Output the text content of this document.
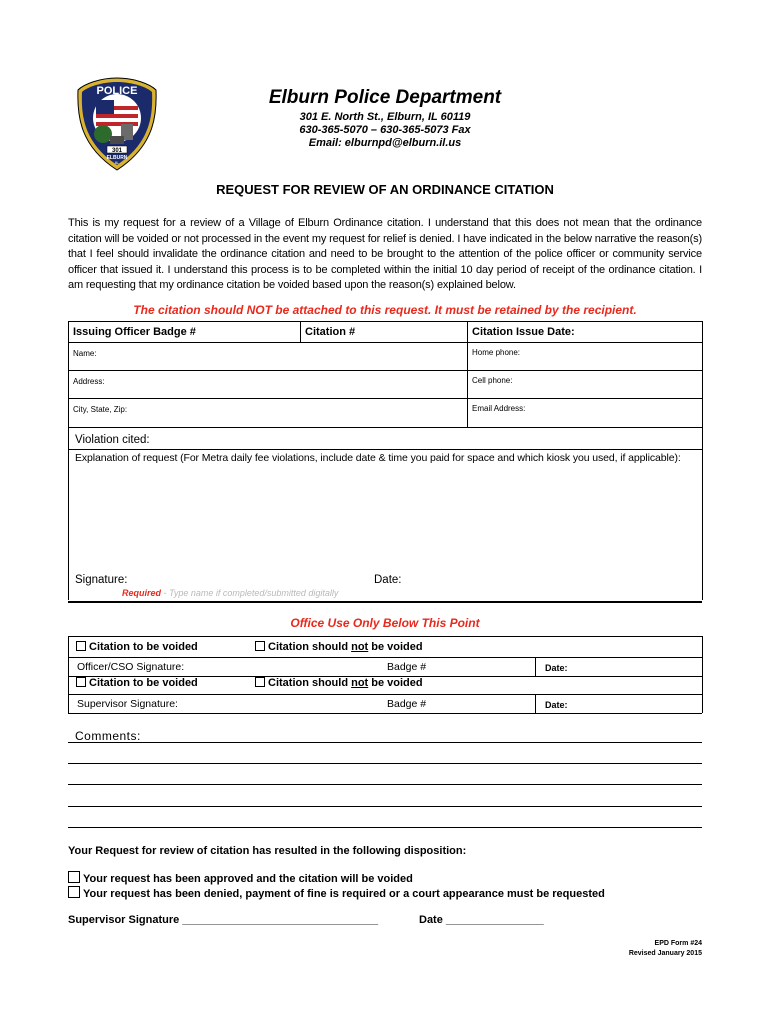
POLICE
301
ELBURN
IL
Elburn Police Department
301 E. North St., Elburn, IL 60119
630-365-5070 – 630-365-5073 Fax
Email: elburnpd@elburn.il.us
REQUEST FOR REVIEW OF AN ORDINANCE CITATION
This is my request for a review of a Village of Elburn Ordinance citation. I understand that this does not mean that the ordinance citation will be voided or not processed in the event my request for relief is denied. I have indicated in the below narrative the reason(s) that I feel should invalidate the ordinance citation and need to be brought to the attention of the police officer or community service officer that issued it. I understand this process is to be completed within the initial 10 day period of receipt of the ordinance citation. I am requesting that my ordinance citation be voided based upon the reason(s) explained below.
The citation should NOT be attached to this request. It must be retained by the recipient.
Issuing Officer Badge #	Citation #	Citation Issue Date:
Name:	Home phone:
Address:	Cell phone:
City, State, Zip:	Email Address:
Violation cited:
Explanation of request (For Metra daily fee violations, include date & time you paid for space and which kiosk you used, if applicable):
Signature:	Date:
Required - Type name if completed/submitted digitally
Office Use Only Below This Point
Citation to be voided	Citation should not be voided
Officer/CSO Signature:	Badge #	Date:
Citation to be voided	Citation should not be voided
Supervisor Signature:	Badge #	Date:
Comments:
Your Request for review of citation has resulted in the following disposition:
Your request has been approved and the citation will be voided
Your request has been denied, payment of fine is required or a court appearance must be requested
Supervisor Signature ________________________________	Date ________________
EPD Form #24
Revised January 2015
